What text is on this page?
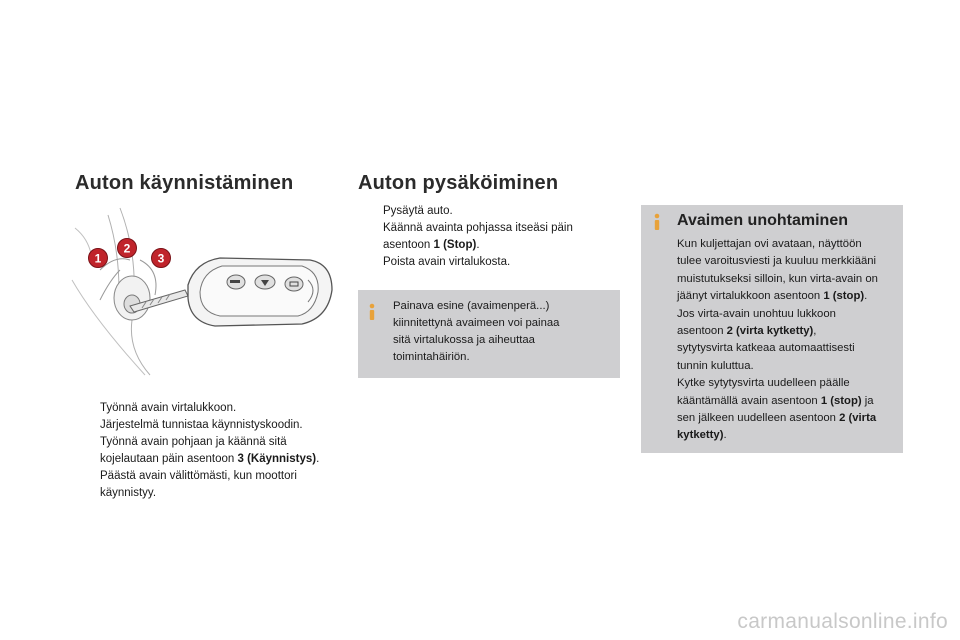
Auton käynnistäminen
1
2
3
Työnnä avain virtalukkoon.
Järjestelmä tunnistaa käynnistyskoodin.
Työnnä avain pohjaan ja käännä sitä
kojelautaan päin asentoon 3 (Käynnistys).
Päästä avain välittömästi, kun moottori
käynnistyy.
Auton pysäköiminen
Pysäytä auto.
Käännä avainta pohjassa itseäsi päin
asentoon 1 (Stop).
Poista avain virtalukosta.
Painava esine (avaimenperä...)
kiinnitettynä avaimeen voi painaa
sitä virtalukossa ja aiheuttaa
toimintahäiriön.
Avaimen unohtaminen

Kun kuljettajan ovi avataan, näyttöön

tulee varoitusviesti ja kuuluu merkkiääni

muistutukseksi silloin, kun virta-avain on

jäänyt virtalukkoon asentoon 1 (stop).

Jos virta-avain unohtuu lukkoon

asentoon 2 (virta kytketty),

sytytysvirta katkeaa automaattisesti

tunnin kuluttua.

Kytke sytytysvirta uudelleen päälle

kääntämällä avain asentoon 1 (stop) ja

sen jälkeen uudelleen asentoon 2 (virta

kytketty).

carmanualsonline.info
